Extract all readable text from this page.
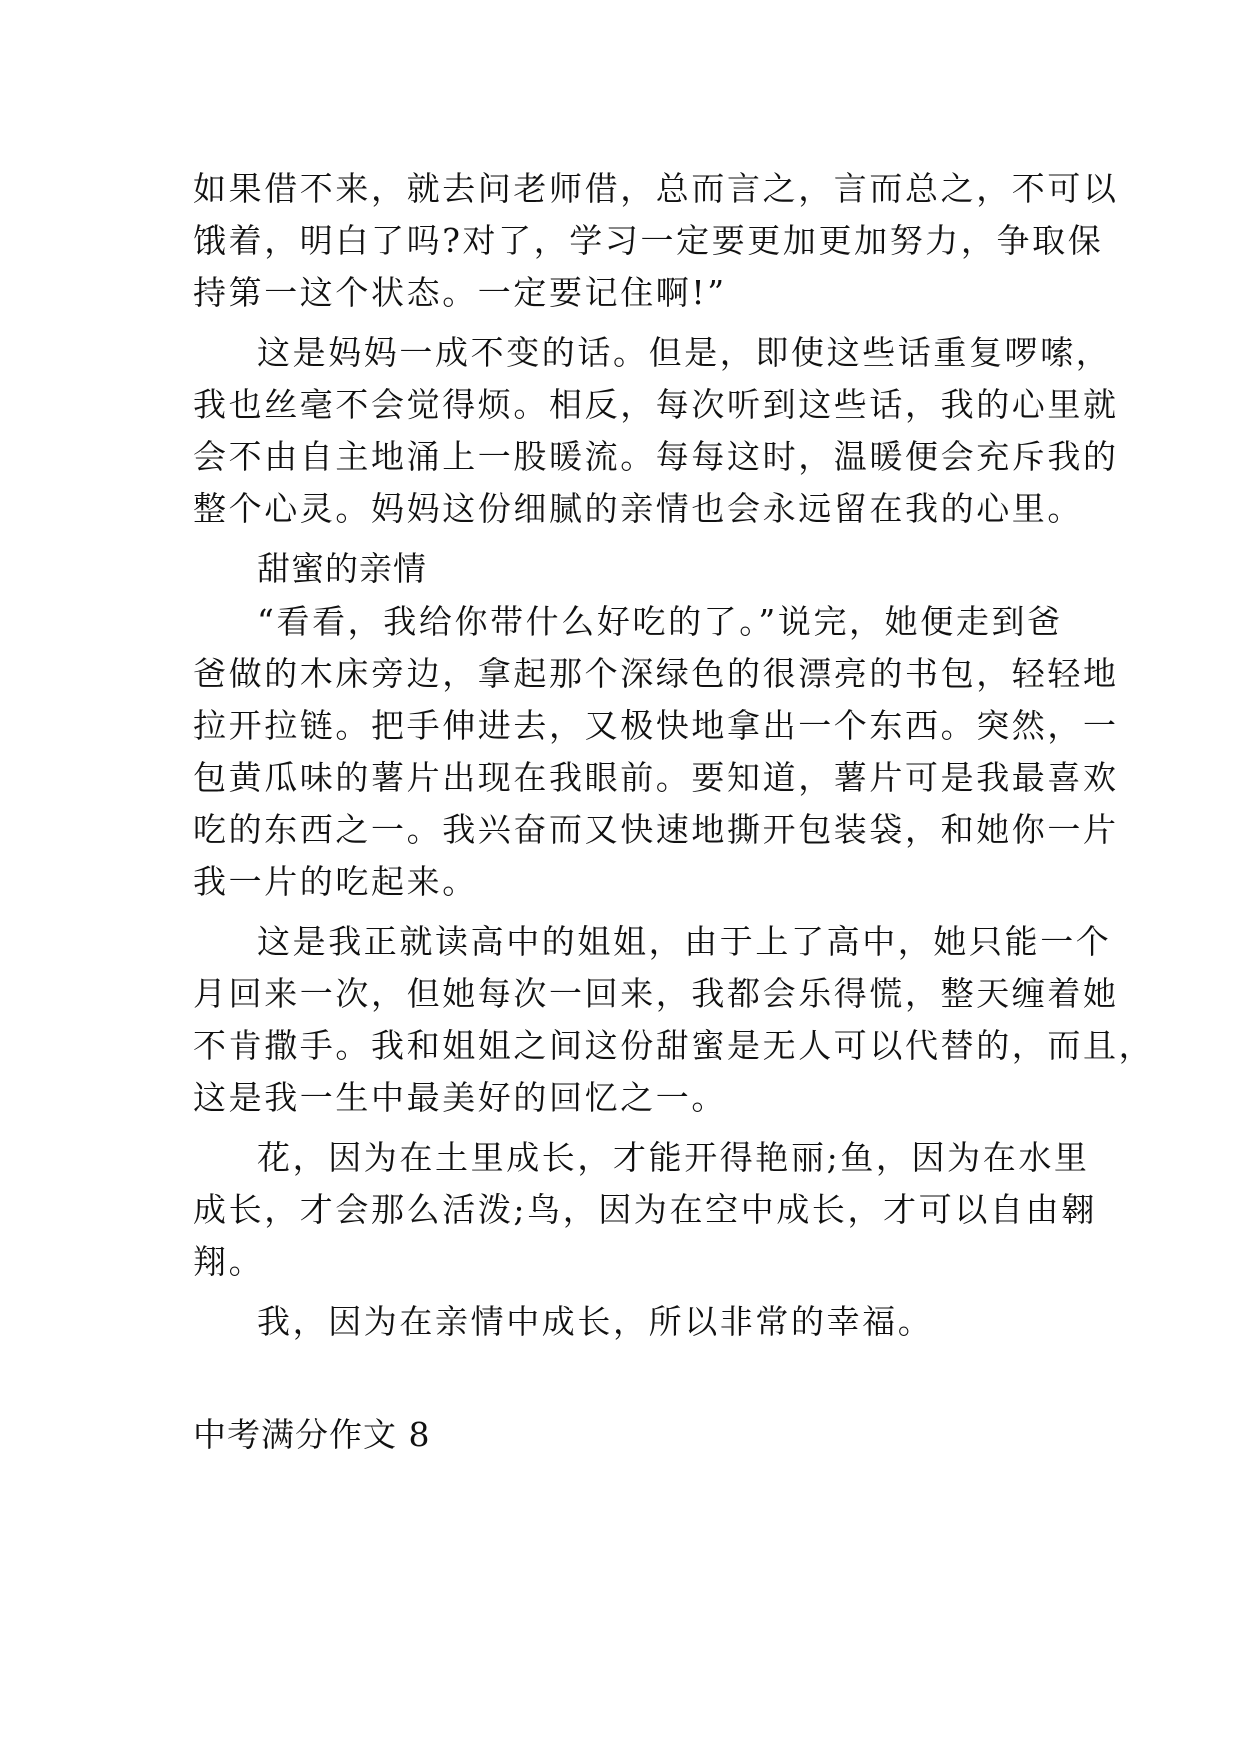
如果借不来，就去问老师借，总而言之，言而总之，不可以
饿着，明白了吗?对了，学习一定要更加更加努力，争取保
持第一这个状态。一定要记住啊!”
这是妈妈一成不变的话。但是，即使这些话重复啰嗦，
我也丝毫不会觉得烦。相反，每次听到这些话，我的心里就
会不由自主地涌上一股暖流。每每这时，温暖便会充斥我的
整个心灵。妈妈这份细腻的亲情也会永远留在我的心里。
甜蜜的亲情
“看看，我给你带什么好吃的了。”说完，她便走到爸
爸做的木床旁边，拿起那个深绿色的很漂亮的书包，轻轻地
拉开拉链。把手伸进去，又极快地拿出一个东西。突然，一
包黄瓜味的薯片出现在我眼前。要知道，薯片可是我最喜欢
吃的东西之一。我兴奋而又快速地撕开包装袋，和她你一片
我一片的吃起来。
这是我正就读高中的姐姐，由于上了高中，她只能一个
月回来一次，但她每次一回来，我都会乐得慌，整天缠着她
不肯撒手。我和姐姐之间这份甜蜜是无人可以代替的，而且，
这是我一生中最美好的回忆之一。
花，因为在土里成长，才能开得艳丽;鱼，因为在水里
成长，才会那么活泼;鸟，因为在空中成长，才可以自由翱
翔。
我，因为在亲情中成长，所以非常的幸福。
中考满分作文 8
